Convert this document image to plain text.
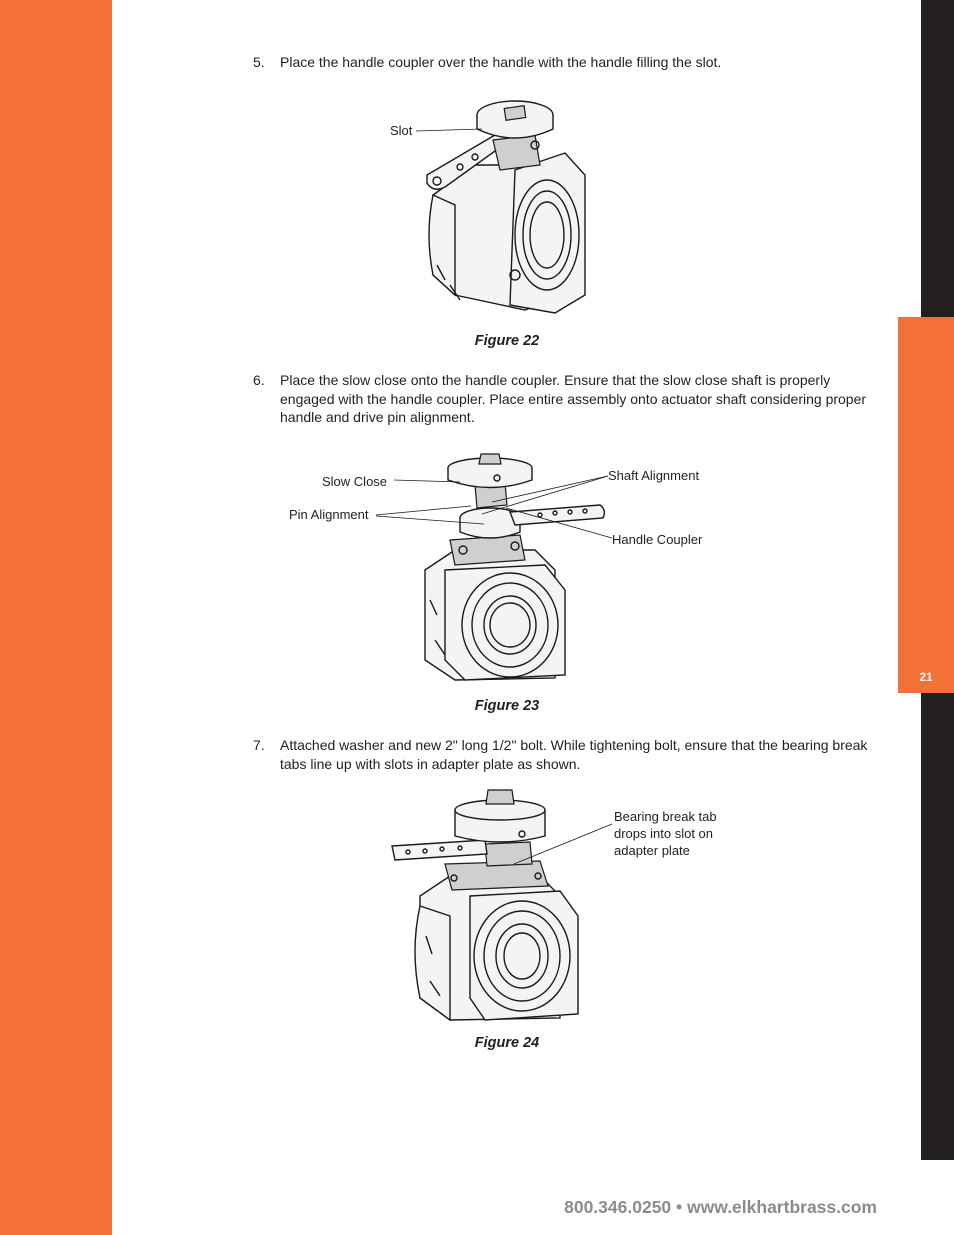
21
5. Place the handle coupler over the handle with the handle filling the slot.
Slot
Figure 22
6. Place the slow close onto the handle coupler. Ensure that the slow close shaft is properly engaged with the handle coupler. Place entire assembly onto actuator shaft considering proper handle and drive pin alignment.
Slow Close	Shaft Alignment
Pin Alignment
Handle Coupler
Figure 23
7. Attached washer and new 2" long 1/2" bolt. While tightening bolt, ensure that the bearing break tabs line up with slots in adapter plate as shown.
Bearing break tab
drops into slot on
adapter plate
Figure 24
800.346.0250 • www.elkhartbrass.com
